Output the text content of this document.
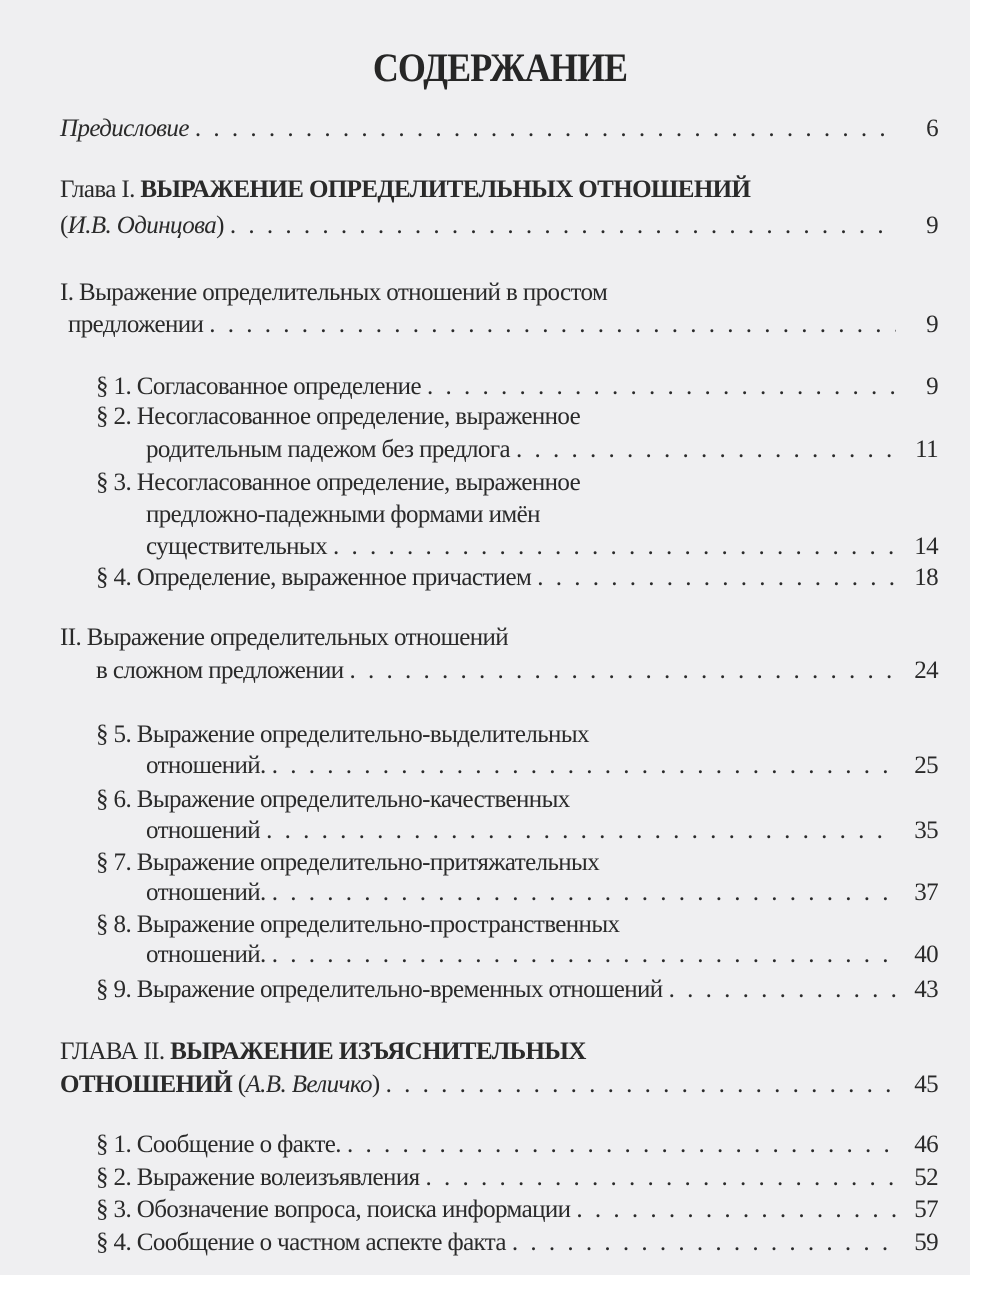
СОДЕРЖАНИЕ
Предисловие . . .	6
Глава I.
ВЫРАЖЕНИЕ ОПРЕДЕЛИТЕЛЬНЫХ ОТНОШЕНИЙ
(И.В. Одинцова) . . .	9
I. Выражение определительных отношений в простом
предложении . . .	9
§ 1. Согласованное определение . . .	9
§ 2. Несогласованное определение, выраженное
родительным падежом без предлога . . .	11
§ 3. Несогласованное определение, выраженное
предложно-падежными формами имён
существительных . . .	14
§ 4. Определение, выраженное причастием . . .	18
II. Выражение определительных отношений
в сложном предложении . . .	24
§ 5. Выражение определительно-выделительных
отношений. . . .	25
§ 6. Выражение определительно-качественных
отношений . . .	35
§ 7. Выражение определительно-притяжательных
отношений. . . .	37
§ 8. Выражение определительно-пространственных
отношений. . . .	40
§ 9. Выражение определительно-временных отношений . . .	43
ГЛАВА II.
ВЫРАЖЕНИЕ ИЗЪЯСНИТЕЛЬНЫХ
ОТНОШЕНИЙ (А.В. Величко) . . .	45
§ 1. Сообщение о факте. . . .	46
§ 2. Выражение волеизъявления . . .	52
§ 3. Обозначение вопроса, поиска информации . . .	57
§ 4. Сообщение о частном аспекте факта . . .	59
